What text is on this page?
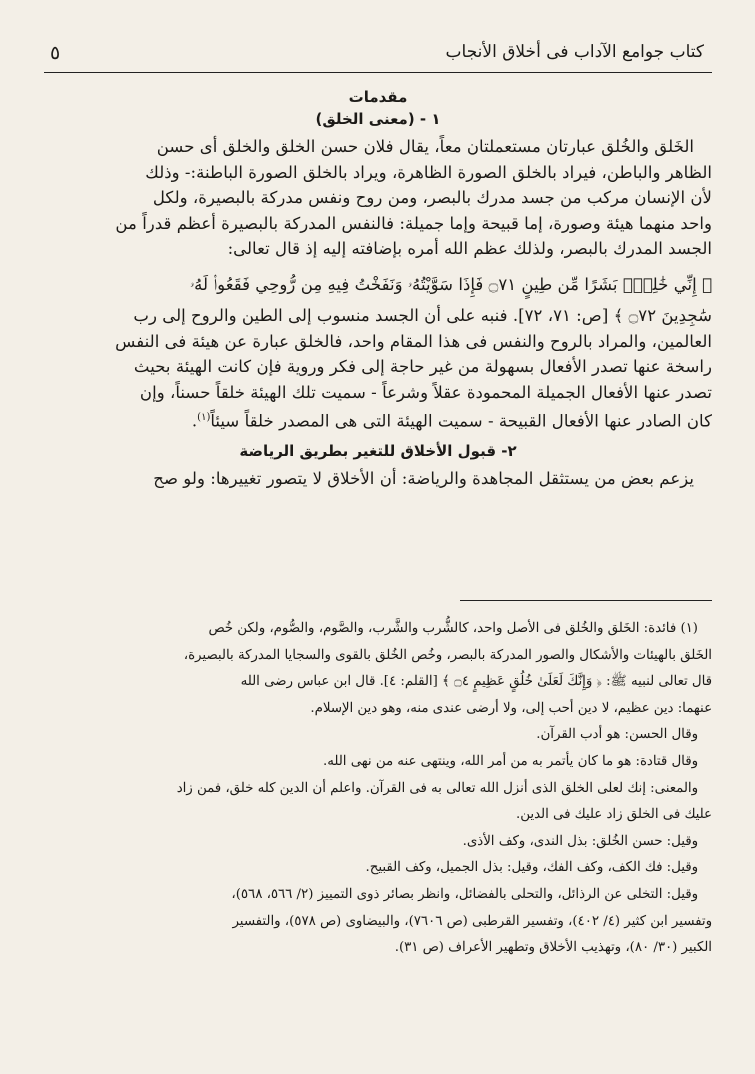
كتاب جوامع الآداب فى أخلاق الأنجاب
٥
مقدمات
١ - (معنى الخلق)

الخَلق والخُلق عبارتان مستعملتان معاً، يقال فلان حسن الخلق والخلق أى حسن

الظاهر والباطن، فيراد بالخلق الصورة الظاهرة، ويراد بالخلق الصورة الباطنة:- وذلك

لأن الإنسان مركب من جسد مدرك بالبصر، ومن روح ونفس مدركة بالبصيرة، ولكل

واحد منهما هيئة وصورة، إما قبيحة وإما جميلة: فالنفس المدركة بالبصيرة أعظم قدراً من

الجسد المدرك بالبصر، ولذلك عظم الله أمره بإضافته إليه إذ قال تعالى:

﴿ إِنِّي خَٰلِقُۢ بَشَرًا مِّن طِينٍ ۝٧١ فَإِذَا سَوَّيْتُهُۥ وَنَفَخْتُ فِيهِ مِن رُّوحِي فَقَعُوا۟ لَهُۥ

سَٰجِدِينَ ۝٧٢ ﴾ [ص: ٧١، ٧٢]. فنبه على أن الجسد منسوب إلى الطين والروح إلى رب

العالمين، والمراد بالروح والنفس فى هذا المقام واحد، فالخلق عبارة عن هيئة فى النفس

راسخة عنها تصدر الأفعال بسهولة من غير حاجة إلى فكر وروية فإن كانت الهيئة بحيث

تصدر عنها الأفعال الجميلة المحمودة عقلاً وشرعاً - سميت تلك الهيئة خلقاً حسناً، وإن

كان الصادر عنها الأفعال القبيحة - سميت الهيئة التى هى المصدر خلقاً سيئاً$^{(١)}$.

٢- قبول الأخلاق للتغير بطريق الرياضة

يزعم بعض من يستثقل المجاهدة والرياضة: أن الأخلاق لا يتصور تغييرها: ولو صح

(١) فائدة: الخَلق والخُلق فى الأصل واحد، كالشُّرب والشَّرب، والصَّوم، والصُّوم، ولكن خُص

الخَلق بالهيئات والأشكال والصور المدركة بالبصر، وخُص الخُلق بالقوى والسجايا المدركة بالبصيرة،

قال تعالى لنبيه ﷺ: ﴿ وَإِنَّكَ لَعَلَىٰ خُلُقٍ عَظِيمٍ ۝٤ ﴾ [القلم: ٤]. قال ابن عباس رضى الله

عنهما: دين عظيم، لا دين أحب إلى، ولا أرضى عندى منه، وهو دين الإسلام.

وقال الحسن: هو أدب القرآن.

وقال قتادة: هو ما كان يأتمر به من أمر الله، وينتهى عنه من نهى الله.

والمعنى: إنك لعلى الخلق الذى أنزل الله تعالى به فى القرآن. واعلم أن الدين كله خلق، فمن زاد

عليك فى الخلق زاد عليك فى الدين.

وقيل: حسن الخُلق: بذل الندى، وكف الأذى.

وقيل: فك الكف، وكف الفك، وقيل: بذل الجميل، وكف القبيح.

وقيل: التخلى عن الرذائل، والتحلى بالفضائل، وانظر بصائر ذوى التمييز (٢/ ٥٦٦، ٥٦٨)،

وتفسير ابن كثير (٤/ ٤٠٢)، وتفسير القرطبى (ص ٧٦٠٦)، والبيضاوى (ص ٥٧٨)، والتفسير

الكبير (٣٠/ ٨٠)، وتهذيب الأخلاق وتطهير الأعراف (ص ٣١).
